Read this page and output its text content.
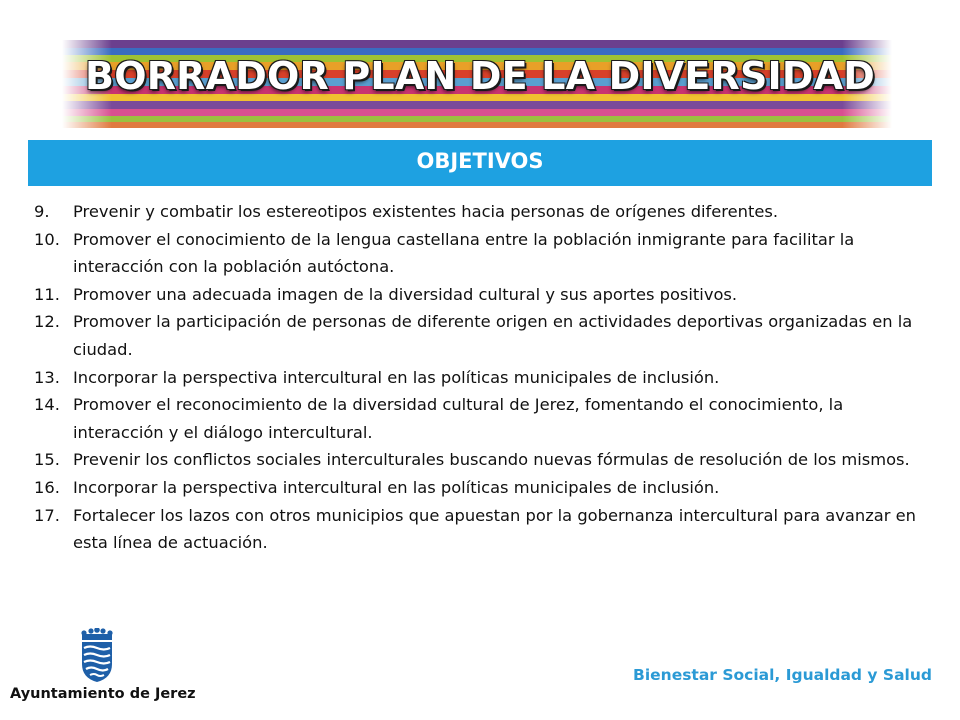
BORRADOR PLAN DE LA DIVERSIDAD
OBJETIVOS
9. Prevenir y combatir los estereotipos existentes hacia personas de orígenes diferentes.
10. Promover el conocimiento de la lengua castellana entre la población inmigrante para facilitar la interacción con la población autóctona.
11. Promover una adecuada imagen de la diversidad cultural y sus aportes positivos.
12. Promover la participación de personas de diferente origen en actividades deportivas organizadas en la ciudad.
13. Incorporar la perspectiva intercultural en las políticas municipales de inclusión.
14. Promover el reconocimiento de la diversidad cultural de Jerez, fomentando el conocimiento, la interacción y el diálogo intercultural.
15. Prevenir los conflictos sociales interculturales buscando nuevas fórmulas de resolución de los mismos.
16. Incorporar la perspectiva intercultural en las políticas municipales de inclusión.
17. Fortalecer los lazos con otros municipios que apuestan por la gobernanza intercultural para avanzar en esta línea de actuación.
Ayuntamiento de Jerez
Bienestar Social, Igualdad y Salud
